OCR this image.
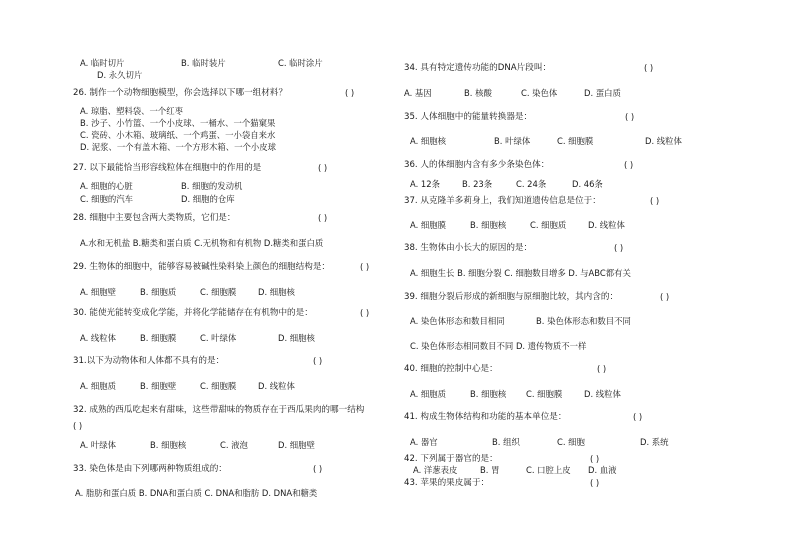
A. 临时切片	B. 临时装片	C. 临时涂片
D. 永久切片
26. 制作一个动物细胞模型，你会选择以下哪一组材料？	( )
A. 琼脂、塑料袋、一个红枣
B. 沙子、小竹篮、一个小皮球、一桶水、一个猫窠果
C. 瓷砖、小木箱、玻璃纸、一个鸡蛋、一小袋自来水
D. 泥浆、一个有盖木箱、一个方形木箱、一个小皮球
27. 以下最能恰当形容线粒体在细胞中的作用的是	( )
A. 细胞的心脏	B. 细胞的发动机
C. 细胞的汽车	D. 细胞的仓库
28. 细胞中主要包含两大类物质，它们是：	( )
A.水和无机盐 B.糖类和蛋白质 C.无机物和有机物 D.糖类和蛋白质
29. 生物体的细胞中，能够容易被碱性染料染上颜色的细胞结构是：	( )
A. 细胞壁	B. 细胞质	C. 细胞膜	D. 细胞核
30. 能使光能转变成化学能，并将化学能储存在有机物中的是：	( )
A. 线粒体	B. 细胞膜	C. 叶绿体	D. 细胞核
31.以下为动物体和人体都不具有的是：	( )
A. 细胞质	B. 细胞壁	C. 细胞膜	D. 线粒体
32. 成熟的西瓜吃起来有甜味，这些带甜味的物质存在于西瓜果肉的哪一结构
( )
A. 叶绿体	B. 细胞核	C. 液泡	D. 细胞壁
33. 染色体是由下列哪两种物质组成的：	( )
A. 脂肪和蛋白质 B. DNA和蛋白质 C. DNA和脂肪 D. DNA和糖类
34. 具有特定遗传功能的DNA片段叫：	( )
A. 基因	B. 核酸	C. 染色体	D. 蛋白质
35. 人体细胞中的能量转换器是：	( )
A. 细胞核	B. 叶绿体	C. 细胞膜	D. 线粒体
36. 人的体细胞内含有多少条染色体：	( )
A. 12条	B. 23条	C. 24条	D. 46条
37. 从克隆羊多莉身上，我们知道遗传信息是位于：	( )
A. 细胞膜	B. 细胞核	C. 细胞质	D. 线粒体
38. 生物体由小长大的原因的是：	( )
A. 细胞生长 B. 细胞分裂 C. 细胞数目增多 D. 与ABC都有关
39. 细胞分裂后形成的新细胞与原细胞比较，其内含的：	( )
A. 染色体形态和数目相同	B. 染色体形态和数目不同
C. 染色体形态相同数目不同 D. 遗传物质不一样
40. 细胞的控制中心是：	( )
A. 细胞质	B. 细胞核 C. 细胞膜	D. 线粒体
41. 构成生物体结构和功能的基本单位是：	( )
A. 器官	B. 组织	C. 细胞	D. 系统
42. 下列属于器官的是：	( )
A. 洋葱表皮	B. 胃	C. 口腔上皮 D. 血液
43. 苹果的果皮属于：	( )
